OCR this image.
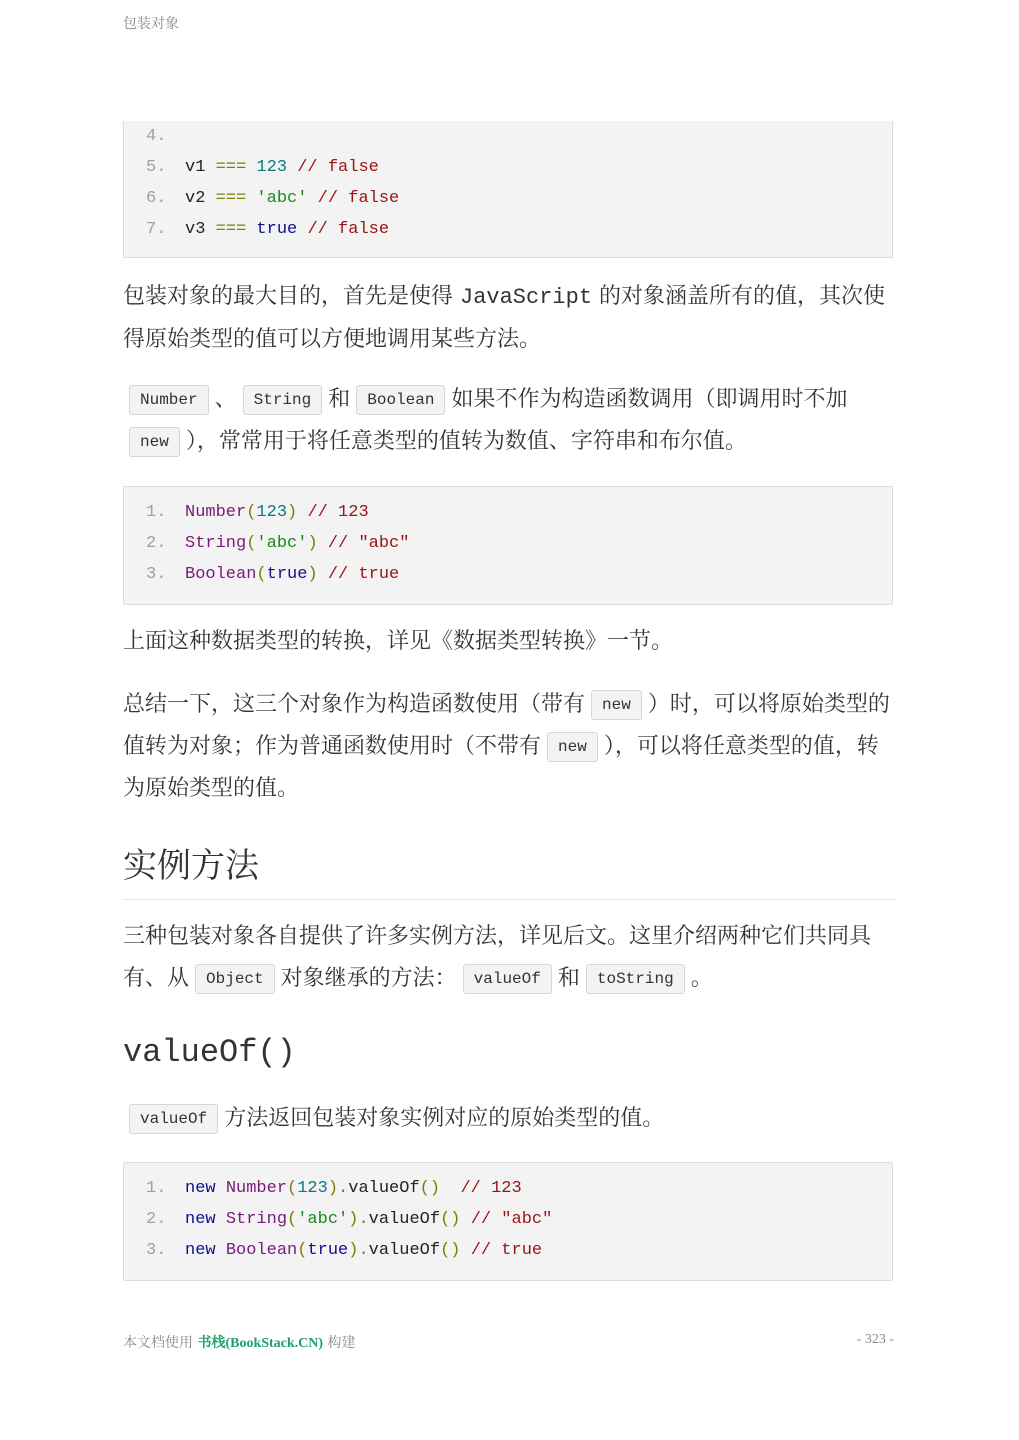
包装对象
4.
5.	v1 === 123 // false
6.	v2 === 'abc' // false
7.	v3 === true // false

包装对象的最大目的，首先是使得 JavaScript 的对象涵盖所有的值，其次使得原始类型的值可以方便地调用某些方法。

Number 、 String 和 Boolean 如果不作为构造函数调用（即调用时不加new ），常常用于将任意类型的值转为数值、字符串和布尔值。

1.	Number(123) // 123
2.	String('abc') // "abc"
3.	Boolean(true) // true

上面这种数据类型的转换，详见《数据类型转换》一节。

总结一下，这三个对象作为构造函数使用（带有 new ）时，可以将原始类型的值转为对象；作为普通函数使用时（不带有 new ），可以将任意类型的值，转为原始类型的值。

实例方法

三种包装对象各自提供了许多实例方法，详见后文。这里介绍两种它们共同具有、从 Object 对象继承的方法： valueOf 和 toString 。

valueOf()

valueOf 方法返回包装对象实例对应的原始类型的值。

1.	new Number(123).valueOf() // 123
2.	new String('abc').valueOf() // "abc"
3.	new Boolean(true).valueOf() // true
本文档使用 书栈(BookStack.CN) 构建	- 323 -
